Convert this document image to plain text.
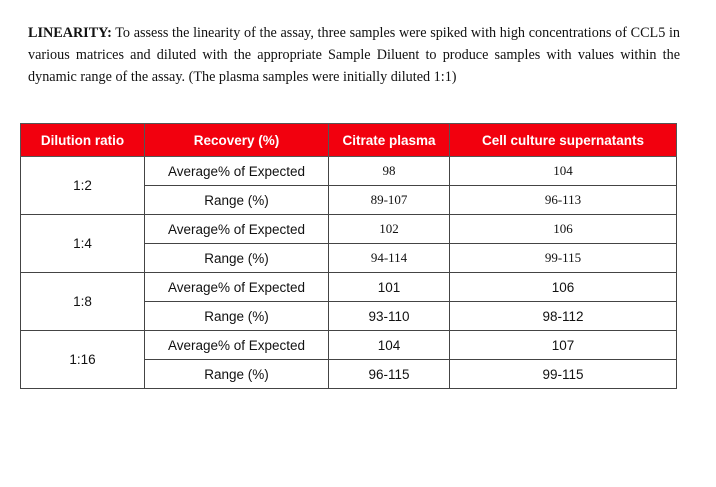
LINEARITY: To assess the linearity of the assay, three samples were spiked with high concentrations of CCL5 in various matrices and diluted with the appropriate Sample Diluent to produce samples with values within the dynamic range of the assay. (The plasma samples were initially diluted 1:1)

Dilution ratio	Recovery (%)	Citrate plasma	Cell culture supernatants
1:2	Average% of Expected	98	104
	Range (%)	89-107	96-113
1:4	Average% of Expected	102	106
	Range (%)	94-114	99-115
1:8	Average% of Expected	101	106
	Range (%)	93-110	98-112
1:16	Average% of Expected	104	107
	Range (%)	96-115	99-115
